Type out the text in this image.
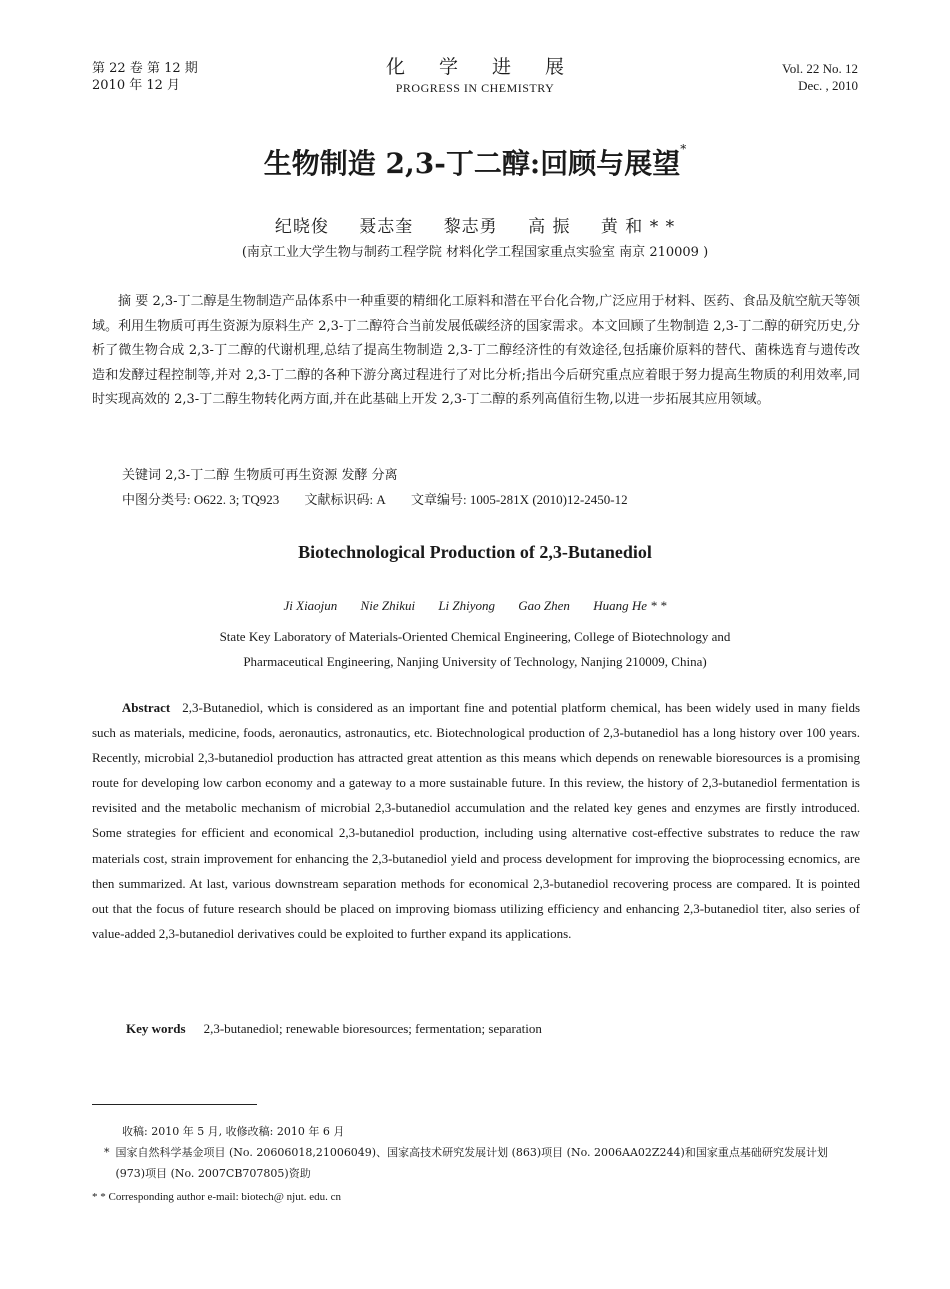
第 22 卷 第 12 期
2010 年 12 月
化 学 进 展
PROGRESS IN CHEMISTRY
Vol. 22 No. 12
Dec. , 2010
生物制造 2,3-丁二醇:回顾与展望*
纪晓俊 聂志奎 黎志勇 高 振 黄 和 * *
(南京工业大学生物与制药工程学院 材料化学工程国家重点实验室 南京 210009 )
摘 要 2,3-丁二醇是生物制造产品体系中一种重要的精细化工原料和潜在平台化合物,广泛应用于材料、医药、食品及航空航天等领域。利用生物质可再生资源为原料生产 2,3-丁二醇符合当前发展低碳经济的国家需求。本文回顾了生物制造 2,3-丁二醇的研究历史,分析了微生物合成 2,3-丁二醇的代谢机理,总结了提高生物制造 2,3-丁二醇经济性的有效途径,包括廉价原料的替代、菌株选育与遗传改造和发酵过程控制等,并对 2,3-丁二醇的各种下游分离过程进行了对比分析;指出今后研究重点应着眼于努力提高生物质的利用效率,同时实现高效的 2,3-丁二醇生物转化两方面,并在此基础上开发 2,3-丁二醇的系列高值衍生物,以进一步拓展其应用领域。
关键词 2,3-丁二醇 生物质可再生资源 发酵 分离
中图分类号: O622. 3; TQ923 文献标识码: A 文章编号: 1005-281X (2010)12-2450-12
Biotechnological Production of 2,3-Butanediol
Ji Xiaojun Nie Zhikui Li Zhiyong Gao Zhen Huang He * *
State Key Laboratory of Materials-Oriented Chemical Engineering, College of Biotechnology and
Pharmaceutical Engineering, Nanjing University of Technology, Nanjing 210009, China)
Abstract 2,3-Butanediol, which is considered as an important fine and potential platform chemical, has been widely used in many fields such as materials, medicine, foods, aeronautics, astronautics, etc. Biotechnological production of 2,3-butanediol has a long history over 100 years. Recently, microbial 2,3-butanediol production has attracted great attention as this means which depends on renewable bioresources is a promising route for developing low carbon economy and a gateway to a more sustainable future. In this review, the history of 2,3-butanediol fermentation is revisited and the metabolic mechanism of microbial 2,3-butanediol accumulation and the related key genes and enzymes are firstly introduced. Some strategies for efficient and economical 2,3-butanediol production, including using alternative cost-effective substrates to reduce the raw materials cost, strain improvement for enhancing the 2,3-butanediol yield and process development for improving the bioprocessing ecnomics, are then summarized. At last, various downstream separation methods for economical 2,3-butanediol recovering process are compared. It is pointed out that the focus of future research should be placed on improving biomass utilizing efficiency and enhancing 2,3-butanediol titer, also series of value-added 2,3-butanediol derivatives could be exploited to further expand its applications.
Key words 2,3-butanediol; renewable bioresources; fermentation; separation
收稿: 2010 年 5 月, 收修改稿: 2010 年 6 月
* 国家自然科学基金项目 (No. 20606018,21006049)、国家高技术研究发展计划 (863)项目 (No. 2006AA02Z244)和国家重点基础研究发展计划 (973)项目 (No. 2007CB707805)资助
* * Corresponding author e-mail: biotech@ njut. edu. cn
